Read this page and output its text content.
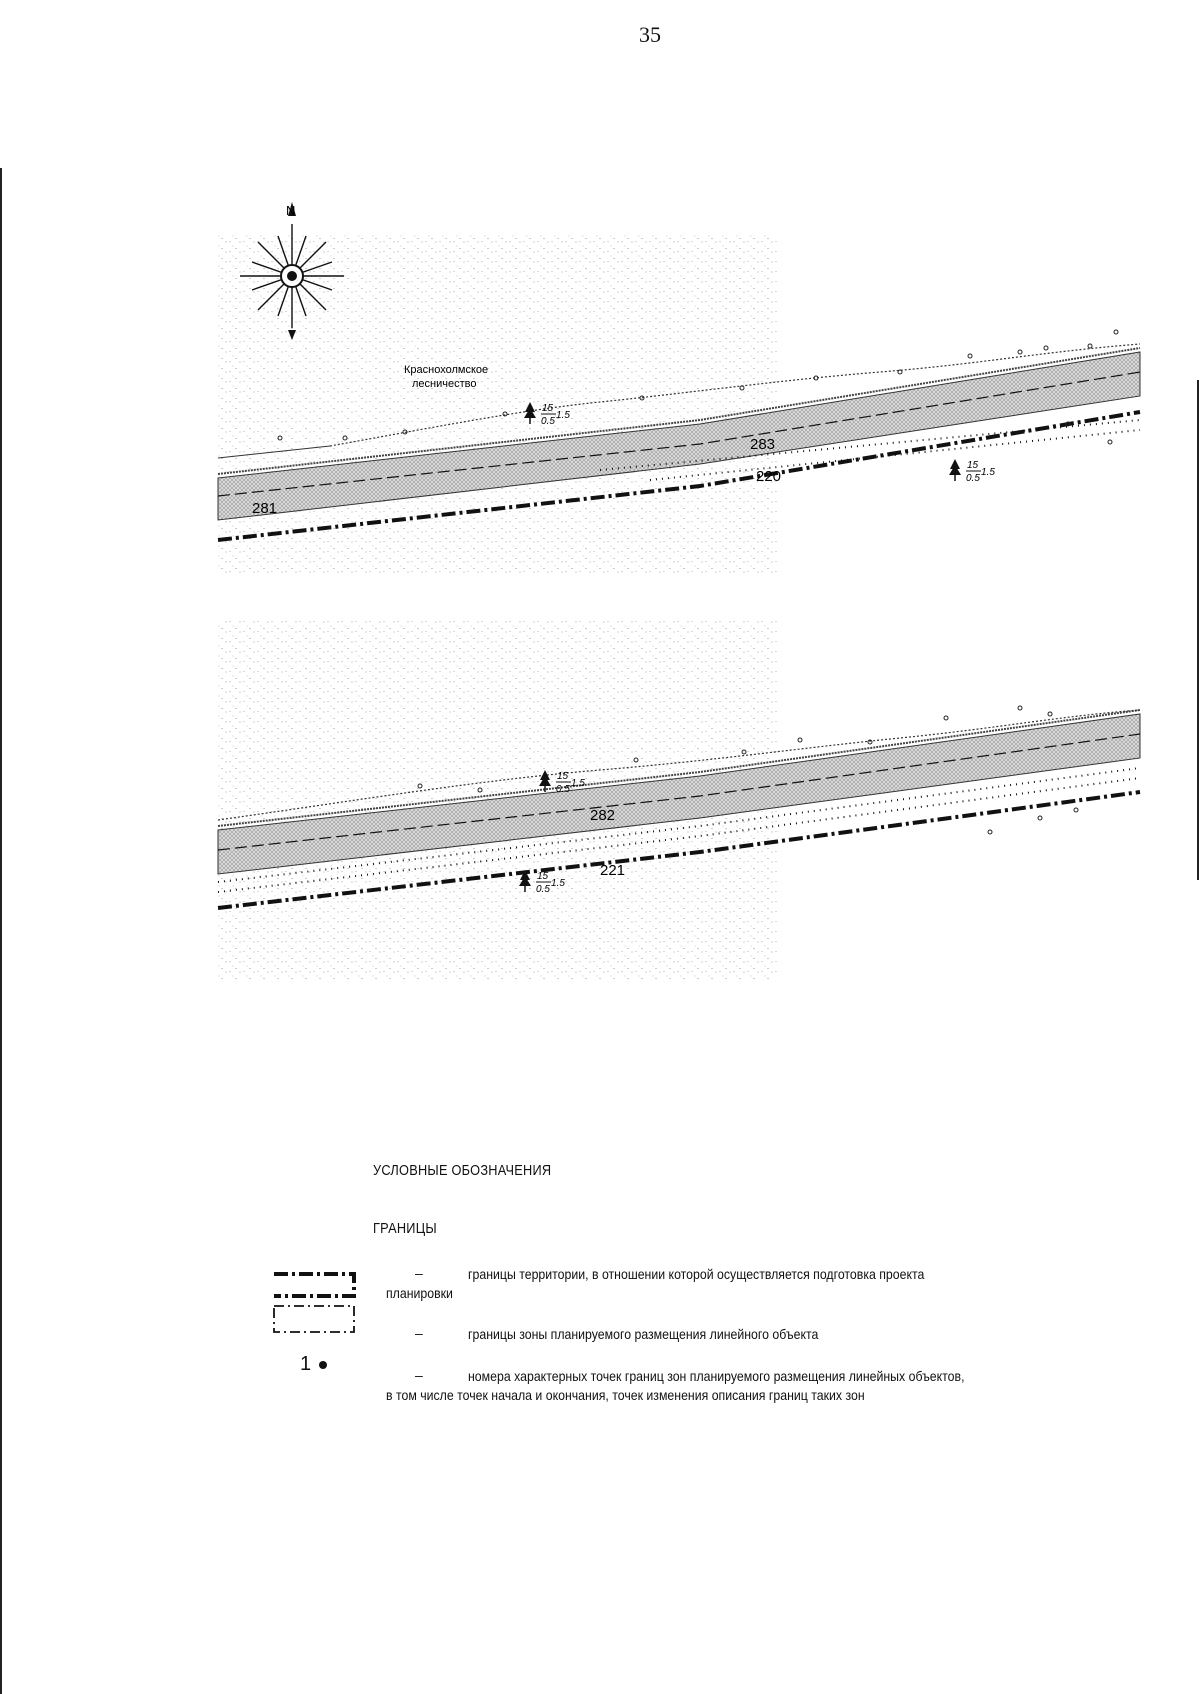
35
N
Краснохолмское
лесничество
281
283
220
15
0.5
1.5
15
0.5
1.5
282
221
15
0.5
1.5
15
0.5
1.5
УСЛОВНЫЕ ОБОЗНАЧЕНИЯ
ГРАНИЦЫ
1
–	границы территории, в отношении которой осуществляется подготовка проекта
планировки
–	границы зоны планируемого размещения линейного объекта
–	номера характерных точек границ зон планируемого размещения линейных объектов,
в том числе точек начала и окончания, точек изменения описания границ таких зон
